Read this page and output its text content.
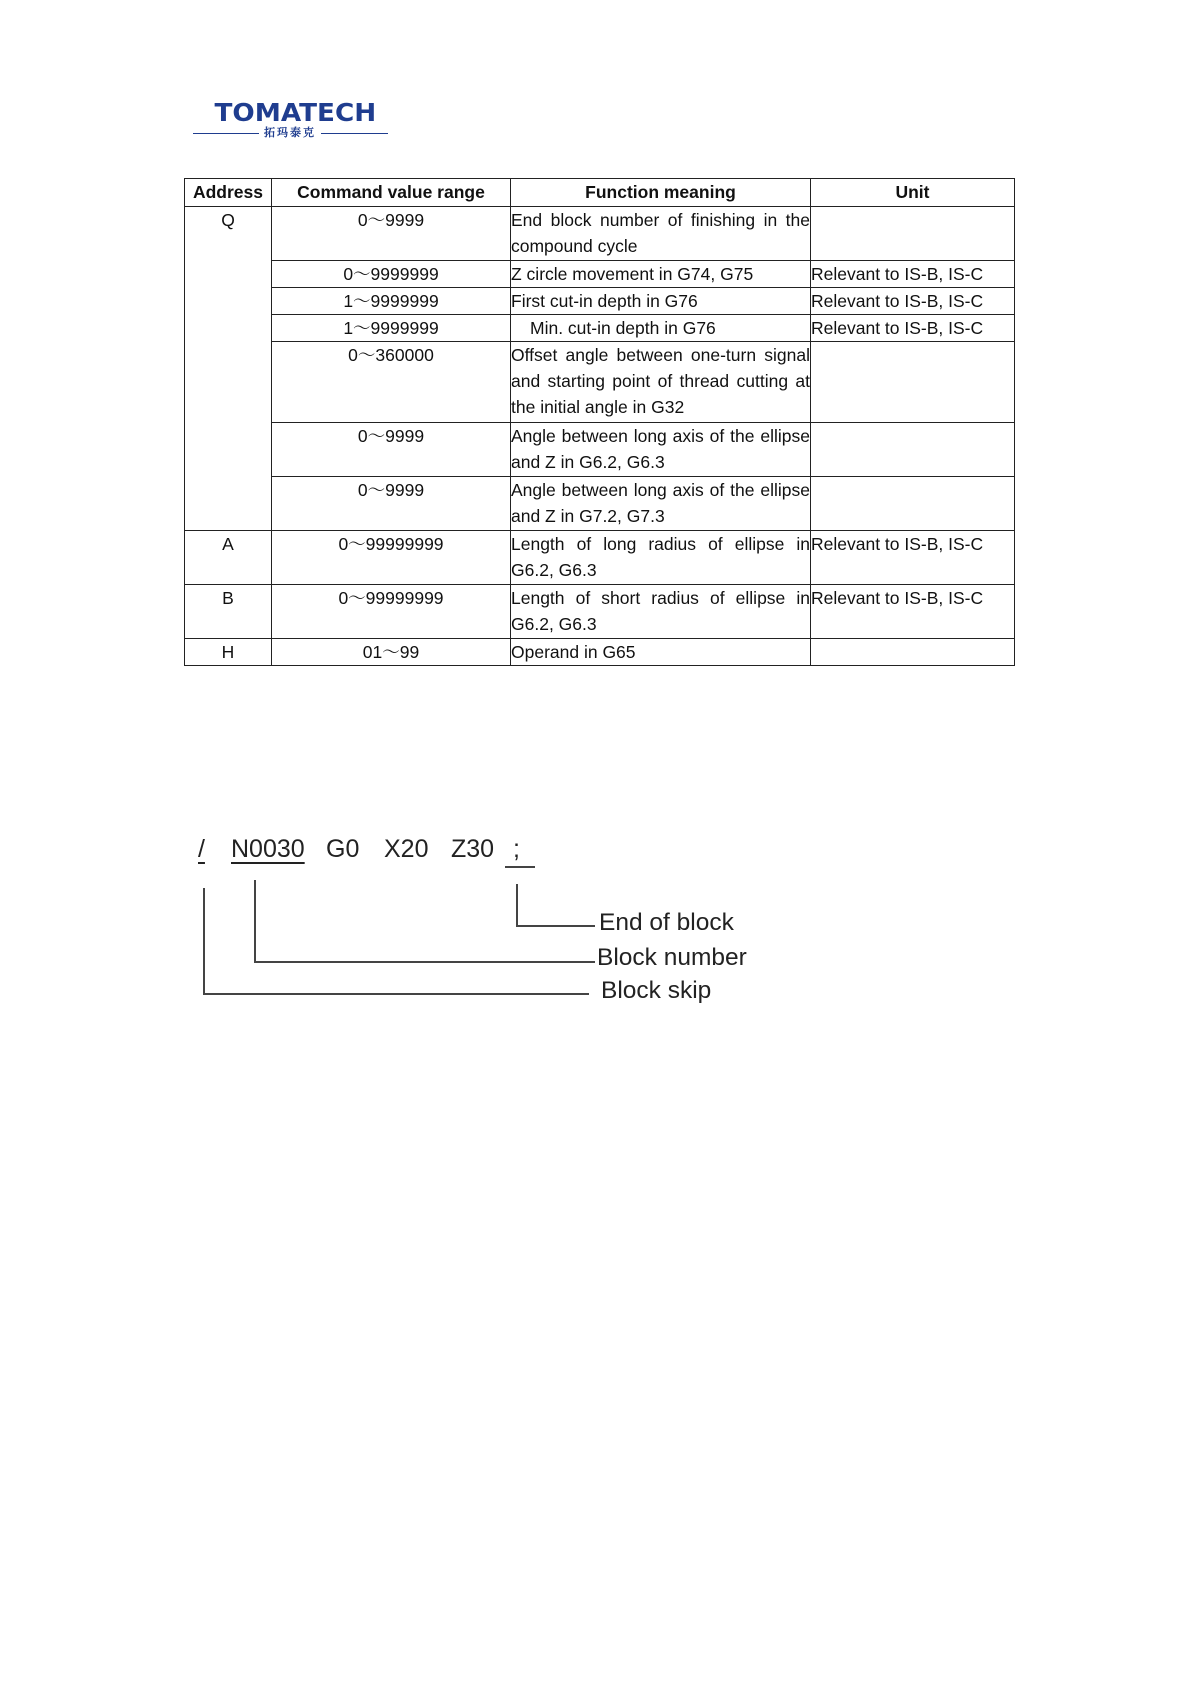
TOMATECH
拓玛泰克
Address	Command value range	Function meaning	Unit
Q	0～9999	End block number of finishing in the compound cycle	
	0～9999999	Z circle movement in G74, G75	Relevant to IS-B, IS-C
	1～9999999	First cut-in depth in G76	Relevant to IS-B, IS-C
	1～9999999	Min. cut-in depth in G76	Relevant to IS-B, IS-C
	0～360000	Offset angle between one-turn signal and starting point of thread cutting at the initial angle in G32	
	0～9999	Angle between long axis of the ellipse and Z in G6.2, G6.3	
	0～9999	Angle between long axis of the ellipse and Z in G7.2, G7.3	
A	0～99999999	Length of long radius of ellipse in G6.2, G6.3	Relevant to IS-B, IS-C
B	0～99999999	Length of short radius of ellipse in G6.2, G6.3	Relevant to IS-B, IS-C
H	01～99	Operand in G65	
/ N0030 G0 X20 Z30 ;
End of block
Block number
Block skip
